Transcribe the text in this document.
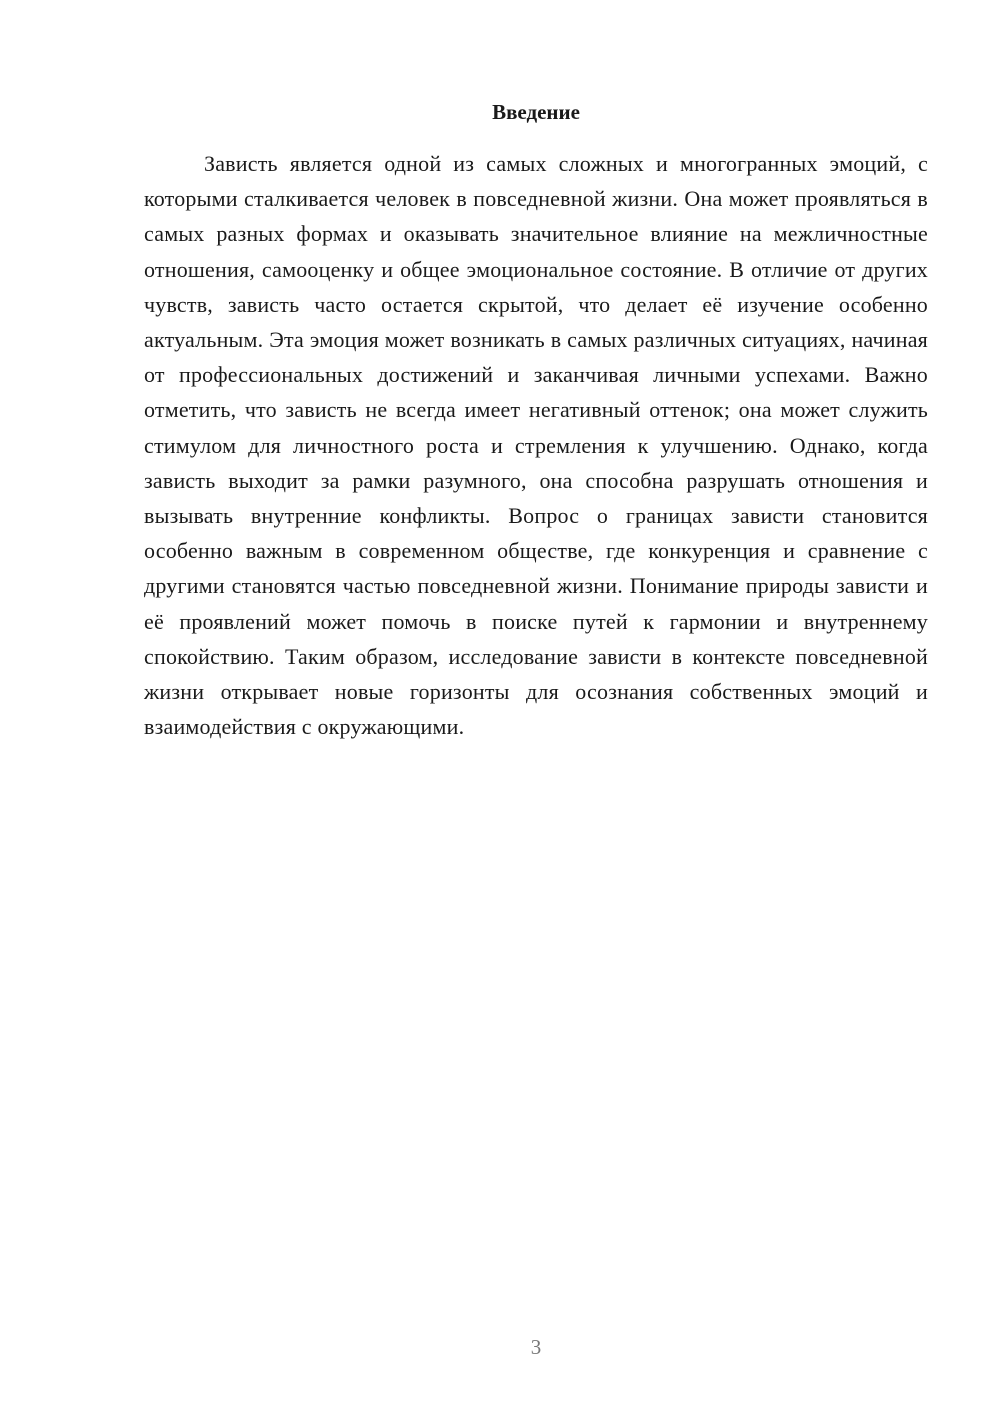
Введение

Зависть является одной из самых сложных и многогранных эмоций, с которыми сталкивается человек в повседневной жизни. Она может проявляться в самых разных формах и оказывать значительное влияние на межличностные отношения, самооценку и общее эмоциональное состояние. В отличие от других чувств, зависть часто остается скрытой, что делает её изучение особенно актуальным. Эта эмоция может возникать в самых различных ситуациях, начиная от профессиональных достижений и заканчивая личными успехами. Важно отметить, что зависть не всегда имеет негативный оттенок; она может служить стимулом для личностного роста и стремления к улучшению. Однако, когда зависть выходит за рамки разумного, она способна разрушать отношения и вызывать внутренние конфликты. Вопрос о границах зависти становится особенно важным в современном обществе, где конкуренция и сравнение с другими становятся частью повседневной жизни. Понимание природы зависти и её проявлений может помочь в поиске путей к гармонии и внутреннему спокойствию. Таким образом, исследование зависти в контексте повседневной жизни открывает новые горизонты для осознания собственных эмоций и взаимодействия с окружающими.

3
